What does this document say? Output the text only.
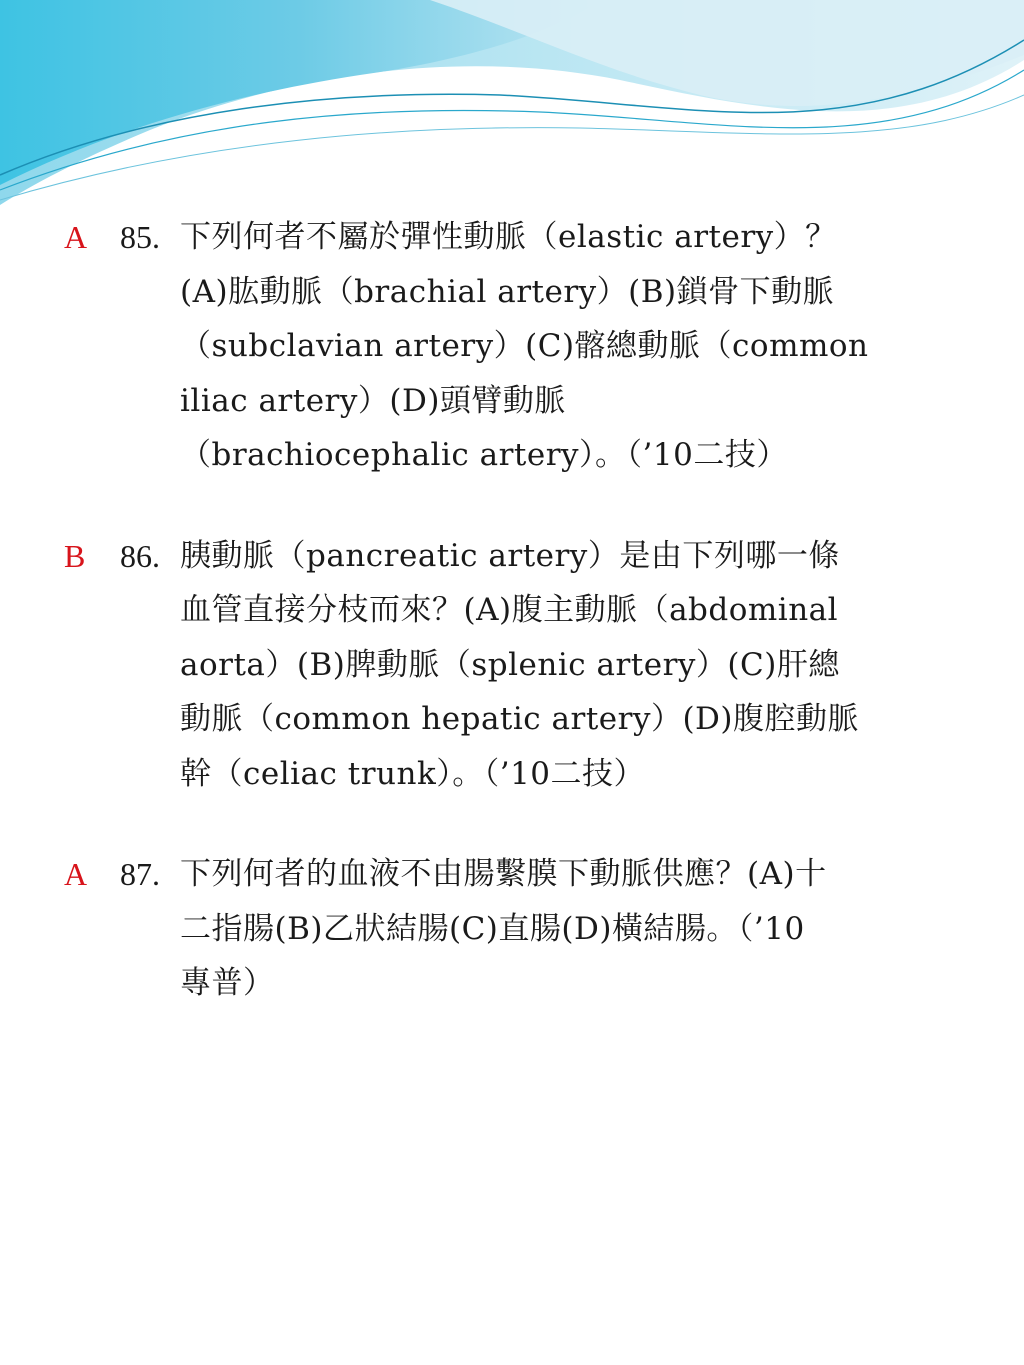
A 85. 下列何者不屬於彈性動脈（elastic artery）？
(A)肱動脈（brachial artery）(B)鎖骨下動脈
（subclavian artery）(C)髂總動脈（common
iliac artery）(D)頭臂動脈
（brachiocephalic artery）。（’10二技）
B 86. 胰動脈（pancreatic artery）是由下列哪一條
血管直接分枝而來？(A)腹主動脈（abdominal
aorta）(B)脾動脈（splenic artery）(C)肝總
動脈（common hepatic artery）(D)腹腔動脈
幹（celiac trunk）。（’10二技）
A 87. 下列何者的血液不由腸繫膜下動脈供應？(A)十
二指腸(B)乙狀結腸(C)直腸(D)橫結腸。（’10
專普）
